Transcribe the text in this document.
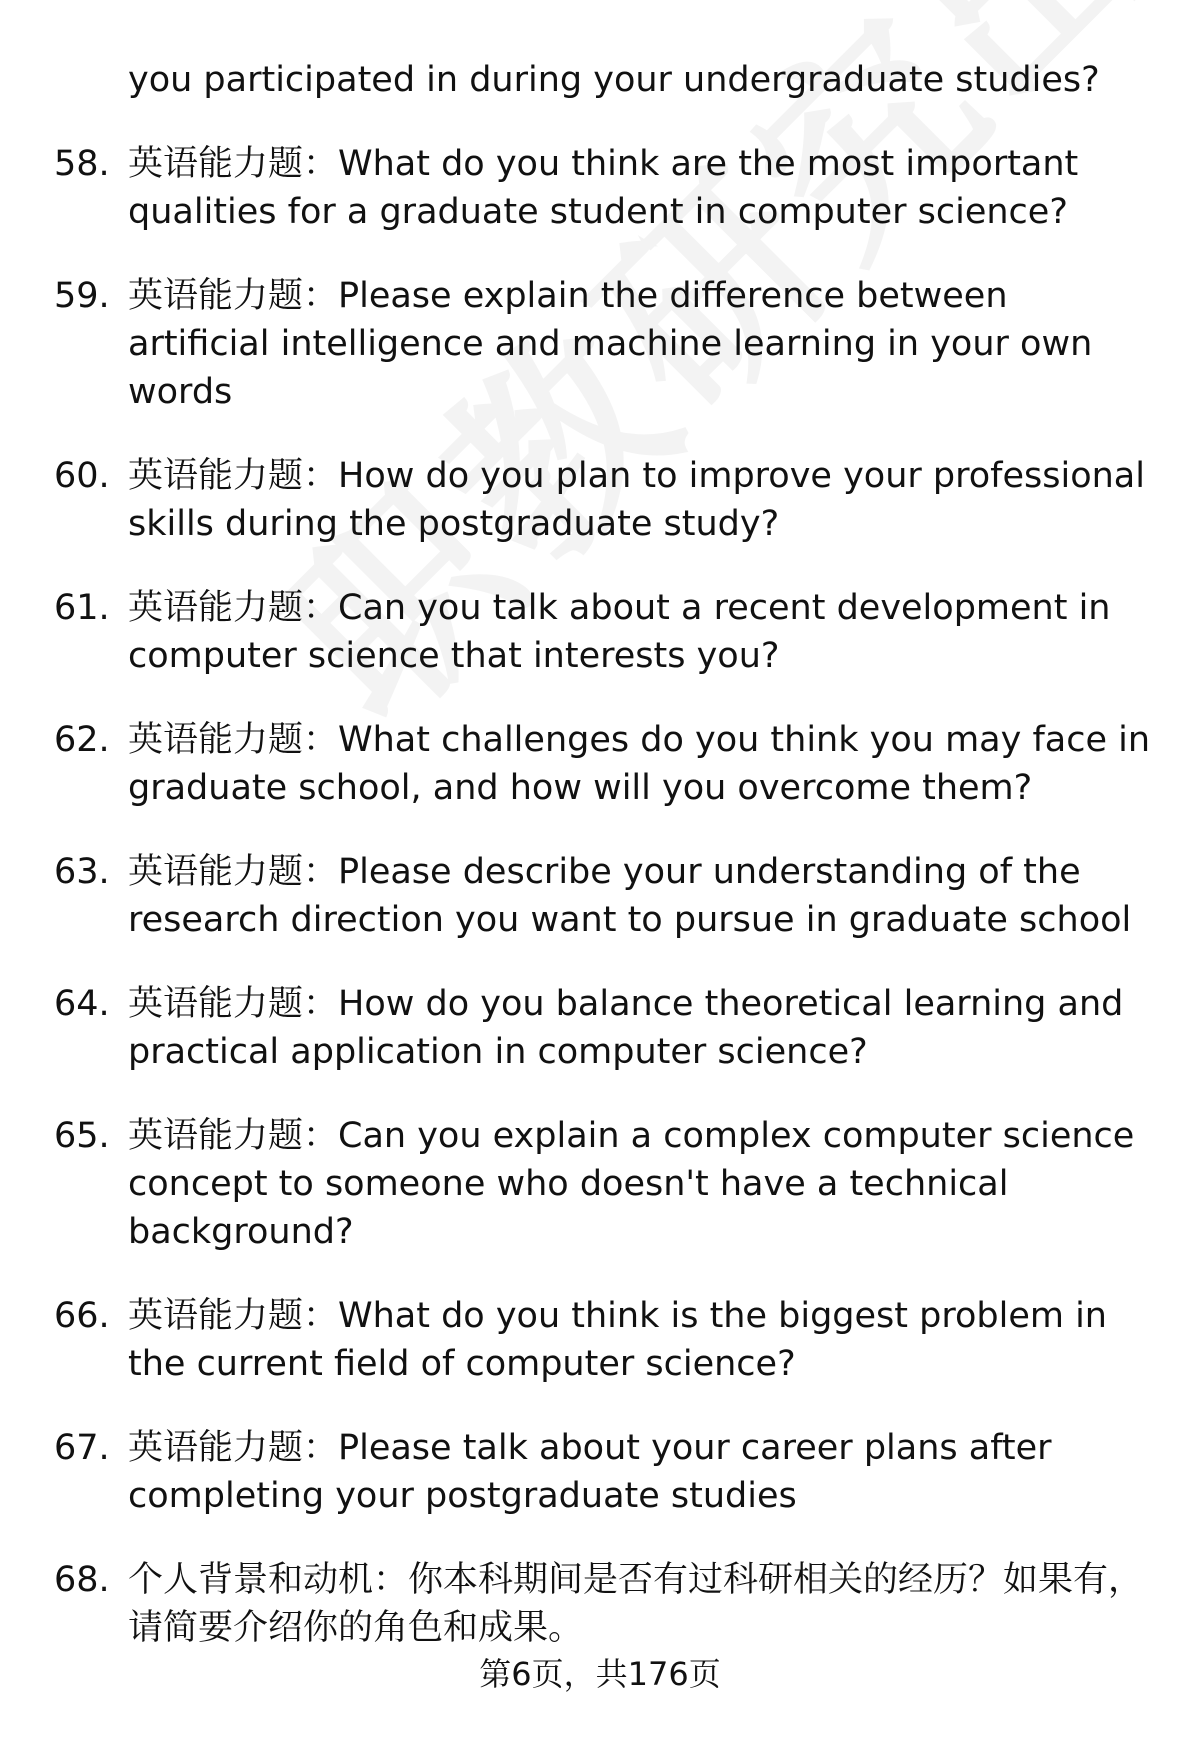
you participated in during your undergraduate studies?
58. 英语能力题：What do you think are the most important qualities for a graduate student in computer science?
59. 英语能力题：Please explain the difference between artificial intelligence and machine learning in your own words
60. 英语能力题：How do you plan to improve your professional skills during the postgraduate study?
61. 英语能力题：Can you talk about a recent development in computer science that interests you?
62. 英语能力题：What challenges do you think you may face in graduate school, and how will you overcome them?
63. 英语能力题：Please describe your understanding of the research direction you want to pursue in graduate school
64. 英语能力题：How do you balance theoretical learning and practical application in computer science?
65. 英语能力题：Can you explain a complex computer science concept to someone who doesn't have a technical background?
66. 英语能力题：What do you think is the biggest problem in the current field of computer science?
67. 英语能力题：Please talk about your career plans after completing your postgraduate studies
68. 个人背景和动机：你本科期间是否有过科研相关的经历？如果有，请简要介绍你的角色和成果。
第6页，共176页
